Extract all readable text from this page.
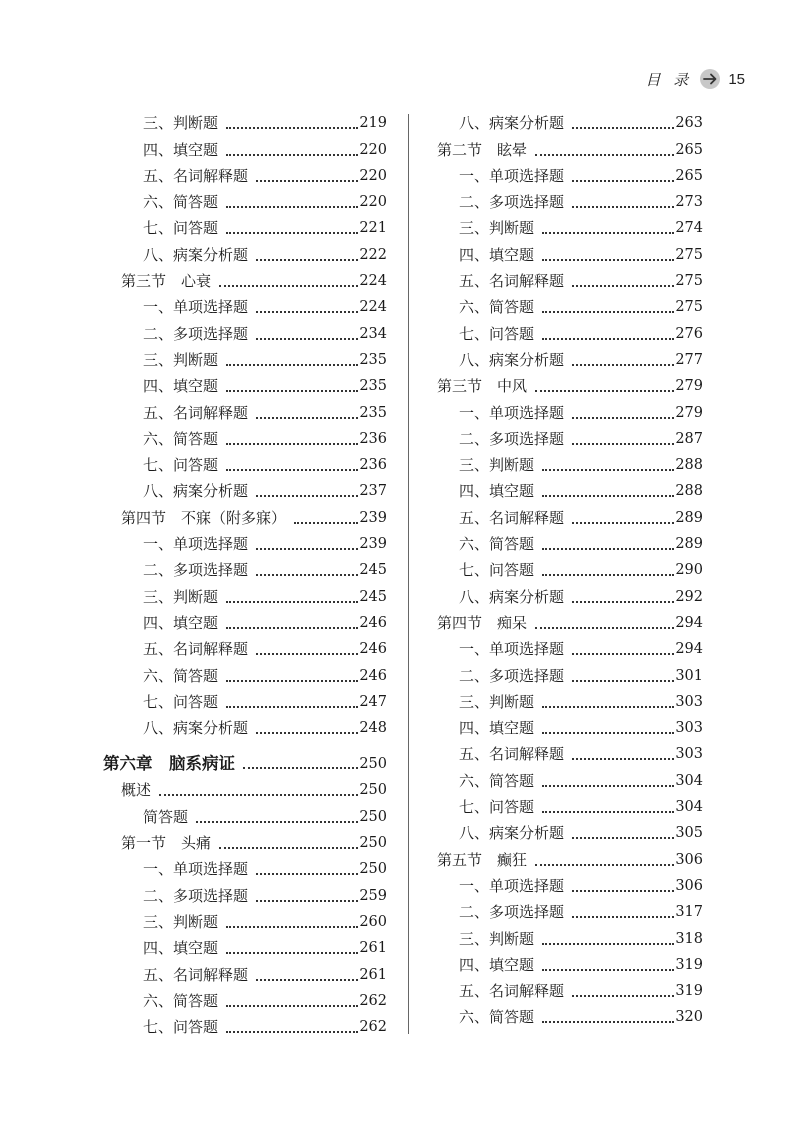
目 录 15
三、判断题	219
四、填空题	220
五、名词解释题	220
六、简答题	220
七、问答题	221
八、病案分析题	222
第三节　心衰	224
一、单项选择题	224
二、多项选择题	234
三、判断题	235
四、填空题	235
五、名词解释题	235
六、简答题	236
七、问答题	236
八、病案分析题	237
第四节　不寐（附多寐）	239
一、单项选择题	239
二、多项选择题	245
三、判断题	245
四、填空题	246
五、名词解释题	246
六、简答题	246
七、问答题	247
八、病案分析题	248
第六章　脑系病证	250
概述	250
简答题	250
第一节　头痛	250
一、单项选择题	250
二、多项选择题	259
三、判断题	260
四、填空题	261
五、名词解释题	261
六、简答题	262
七、问答题	262
八、病案分析题	263
第二节　眩晕	265
一、单项选择题	265
二、多项选择题	273
三、判断题	274
四、填空题	275
五、名词解释题	275
六、简答题	275
七、问答题	276
八、病案分析题	277
第三节　中风	279
一、单项选择题	279
二、多项选择题	287
三、判断题	288
四、填空题	288
五、名词解释题	289
六、简答题	289
七、问答题	290
八、病案分析题	292
第四节　痴呆	294
一、单项选择题	294
二、多项选择题	301
三、判断题	303
四、填空题	303
五、名词解释题	303
六、简答题	304
七、问答题	304
八、病案分析题	305
第五节　癫狂	306
一、单项选择题	306
二、多项选择题	317
三、判断题	318
四、填空题	319
五、名词解释题	319
六、简答题	320
